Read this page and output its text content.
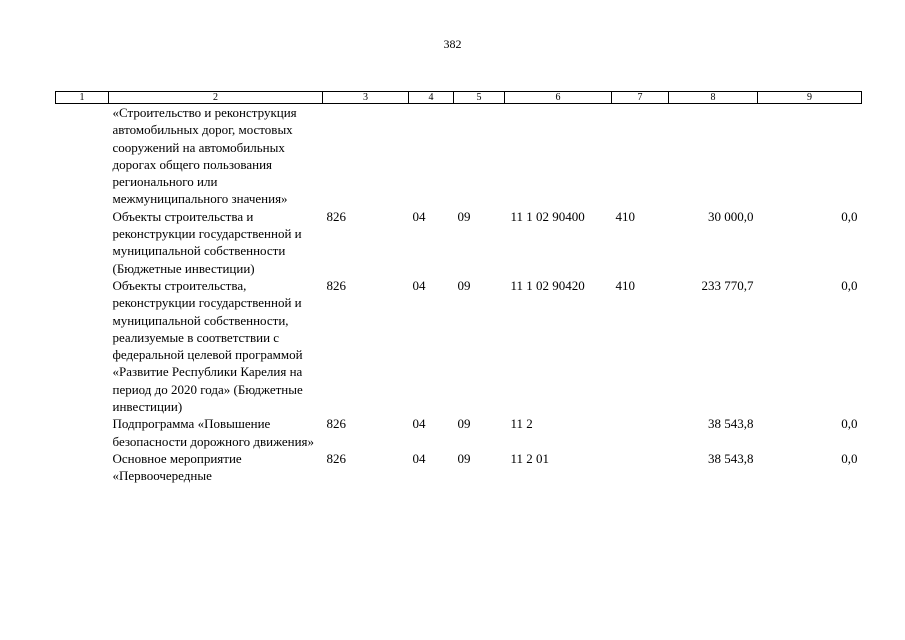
382
1	2	3	4	5	6	7	8	9
	«Строительство и реконструкция автомобильных дорог, мостовых сооружений на автомобильных дорогах общего пользования регионального или межмуниципального значения»							
	Объекты строительства и реконструкции государственной и муниципальной собственности (Бюджетные инвестиции)	826	04	09	11 1 02 90400	410	30 000,0	0,0
	Объекты строительства, реконструкции государственной и муниципальной собственности, реализуемые в соответствии с федеральной целевой программой «Развитие Республики Карелия на период до 2020 года» (Бюджетные инвестиции)	826	04	09	11 1 02 90420	410	233 770,7	0,0
	Подпрограмма «Повышение безопасности дорожного движения»	826	04	09	11 2		38 543,8	0,0
	Основное мероприятие «Первоочередные	826	04	09	11 2 01		38 543,8	0,0
